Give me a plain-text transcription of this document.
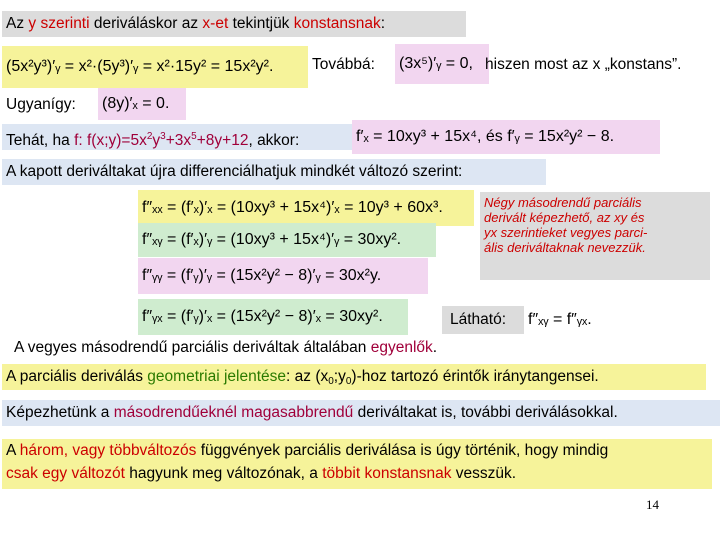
Az y szerinti deriváláskor az x-et tekintjük konstansnak:
(5x²y³)′ᵧ = x²·(5y³)′ᵧ = x²·15y² = 15x²y². Továbbá: (3x⁵)′ᵧ = 0, hiszen most az x „konstans”.
Ugyanígy: (8y)′ₓ = 0.
Tehát, ha f: $f(x;y)=5x^2y^3+3x^5+8y+12$, akkor:	f′ₓ = 10xy³ + 15x⁴, és f′ᵧ = 15x²y² − 8.
A kapott deriváltakat újra differenciálhatjuk mindkét változó szerint:
f″ₓₓ = (f′ₓ)′ₓ = (10xy³ + 15x⁴)′ₓ = 10y³ + 60x³.
f″ₓᵧ = (f′ₓ)′ᵧ = (10xy³ + 15x⁴)′ᵧ = 30xy².
f″ᵧᵧ = (f′ᵧ)′ᵧ = (15x²y² − 8)′ᵧ = 30x²y.
f″ᵧₓ = (f′ᵧ)′ₓ = (15x²y² − 8)′ₓ = 30xy².
Négy másodrendű parciális
derivált képezhető, az xy és
yx szerintieket vegyes parci-
ális deriváltaknak nevezzük.
Látható:	f″ₓᵧ = f″ᵧₓ.
A vegyes másodrendű parciális deriváltak általában egyenlők.
A parciális deriválás geometriai jelentése: az $(x_0;y_0)$-hoz tartozó érintők iránytangensei.
Képezhetünk a másodrendűeknél magasabbrendű deriváltakat is, további deriválásokkal.
A három, vagy többváltozós függvények parciális deriválása is úgy történik, hogy mindig
csak egy változót hagyunk meg változónak, a többit konstansnak vesszük.
14
